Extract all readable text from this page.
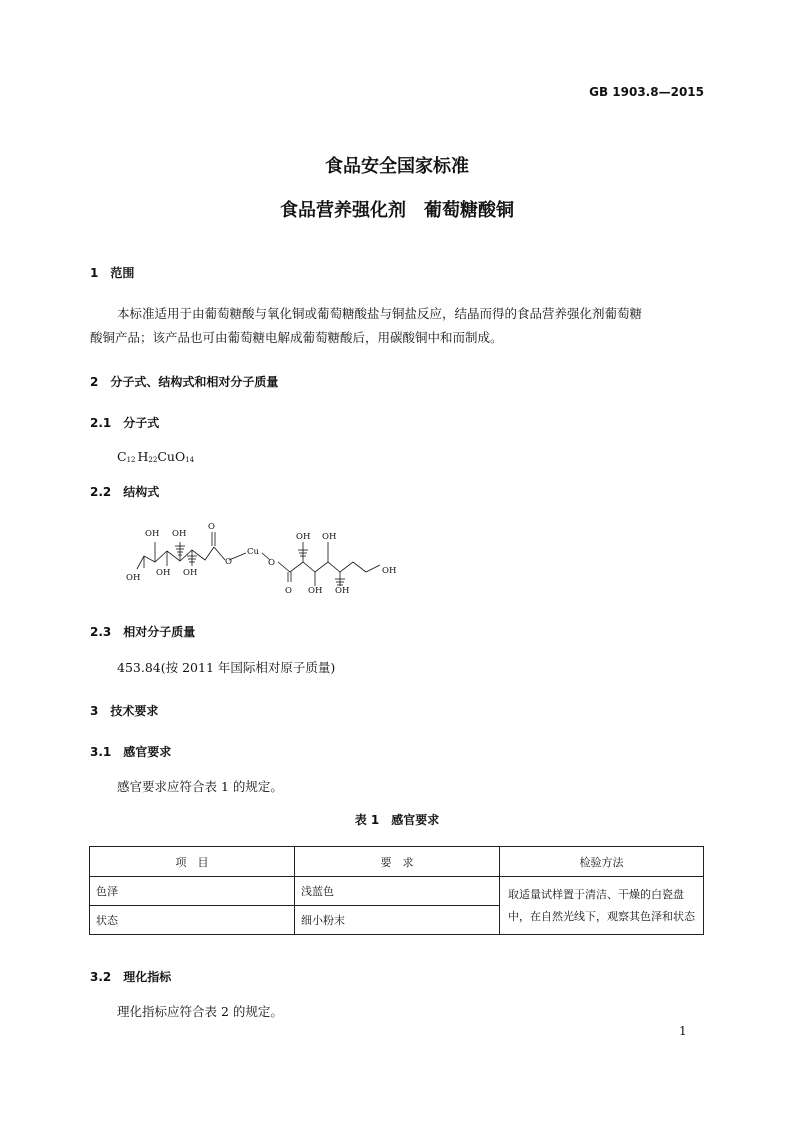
GB 1903.8—2015
食品安全国家标准
食品营养强化剂　葡萄糖酸铜
1　范围
本标准适用于由葡萄糖酸与氧化铜或葡萄糖酸盐与铜盐反应，结晶而得的食品营养强化剂葡萄糖
酸铜产品；该产品也可由葡萄糖电解成葡萄糖酸后，用碳酸铜中和而制成。
2　分子式、结构式和相对分子质量
2.1　分子式
$C_{12}$ $H_{22}CuO_{14}$
2.2　结构式
OH OH
O
OH OH OH
O
Cu
O
OH OH
O OH OH
OH
2.3　相对分子质量
453.84(按 2011 年国际相对原子质量)
3　技术要求
3.1　感官要求
感官要求应符合表 1 的规定。
表 1　感官要求
项　目	要　求	检验方法
色泽	浅蓝色	取适量试样置于清洁、干燥的白瓷盘
中，在自然光线下，观察其色泽和状态

状态	细小粉末	
3.2　理化指标
理化指标应符合表 2 的规定。
1
